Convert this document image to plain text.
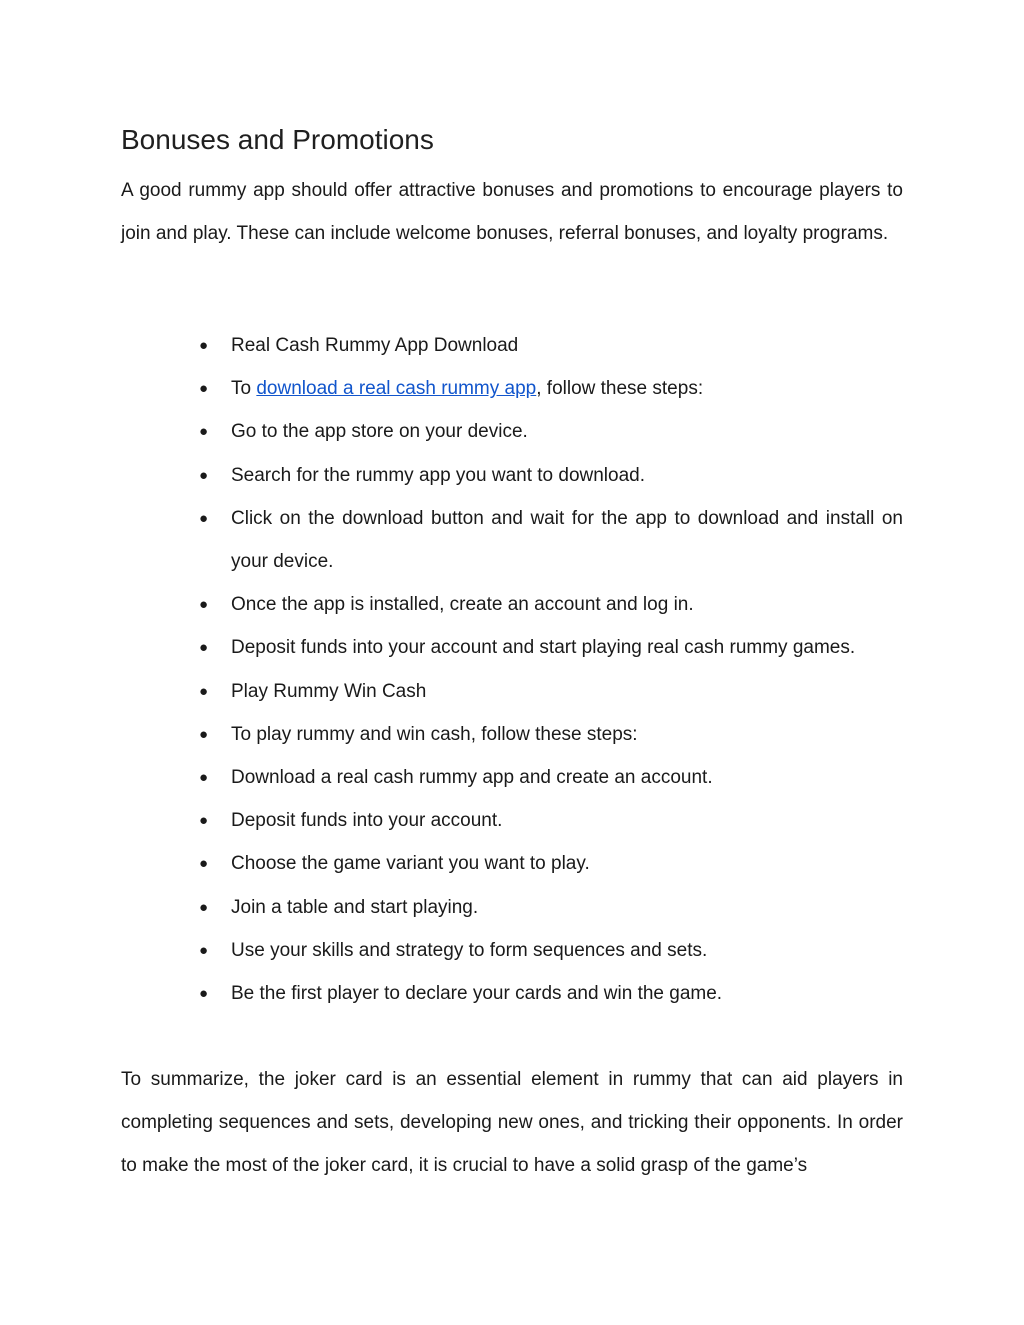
Bonuses and Promotions

A good rummy app should offer attractive bonuses and promotions to encourage players to join and play. These can include welcome bonuses, referral bonuses, and loyalty programs.

● Real Cash Rummy App Download
● To download a real cash rummy app, follow these steps:
● Go to the app store on your device.
● Search for the rummy app you want to download.
● Click on the download button and wait for the app to download and install on your device.
● Once the app is installed, create an account and log in.
● Deposit funds into your account and start playing real cash rummy games.
● Play Rummy Win Cash
● To play rummy and win cash, follow these steps:
● Download a real cash rummy app and create an account.
● Deposit funds into your account.
● Choose the game variant you want to play.
● Join a table and start playing.
● Use your skills and strategy to form sequences and sets.
● Be the first player to declare your cards and win the game.

To summarize, the joker card is an essential element in rummy that can aid players in completing sequences and sets, developing new ones, and tricking their opponents. In order to make the most of the joker card, it is crucial to have a solid grasp of the game’s
